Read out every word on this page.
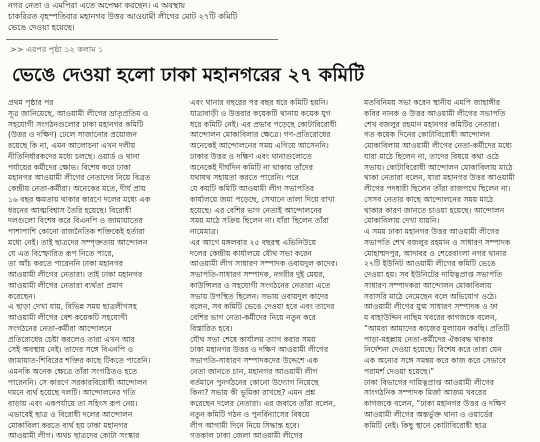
নগর নেতা ও এমপিরা এতে অপেক্ষা করছেন। এ অবস্থায়
চাকরিরত বৃহস্পতিবার মহানগর উত্তর আওয়ামী লীগের মোট ২৭টি কমিটি
ভেঙে দেওয়া হয়েছে।
>> এরপর পৃষ্ঠা ১২ কলাম ১
ভেঙে দেওয়া হলো ঢাকা মহানগরের ২৭ কমিটি
প্রথম পৃষ্ঠার পর
সূত্র জানিয়েছে, আওয়ামী লীগের ভ্রাতৃপ্রতিম ও
সহযোগী সংগঠনগুলোর ঢাকা মহানগর কমিটি
(উত্তর ও দক্ষিণ) ঢেলে সাজানোর প্রয়োজন
রয়েছে কি না, এমন আলোচনা এখন দলীয়
নীতিনির্ধারকদের মধ্যে চলছে। ওয়ার্ড ও থানা
পর্যায়ের কর্মীদের ক্ষোভ। বিশেষ করে ঢাকা
মহানগর আওয়ামী লীগের নেতাদের নিয়ে বিব্রত
কেন্দ্রীয় নেতা-কর্মীরা। অনেকের মতে, দীর্ঘ প্রায়
১৬ বছর ক্ষমতায় থাকার কারণে দলের মধ্যে এক
ধরনের আত্মবিশ্বাস তৈরি হয়েছে। বিরোধী
দলগুলো বিশেষ করে বিএনপি ও জামায়াতের
পাশাপাশি কোনো রাজনৈতিক শক্তিকেই হর্তারা
মধ্যে নেই। তাই ছাত্রদের সম্পৃক্ততায় আন্দোলন
যে এত বিস্ফোরিত রূপ নিতে পারে,
তা আঁচ করতে পারেননি ঢাকা মহানগর
আওয়ামী লীগের নেতারা। তাই ঢাকা মহানগর
আওয়ামী লীগের নেতারা ব্যর্থতা প্রমাণ
করেছেন।
এ ছাড়া দেখা যায়, বিভিন্ন সময় ছাত্রলীগসহ
আওয়ামী লীগের বেশ কয়েকটি সহযোগী
সংগঠনের নেতা-কর্মীরা আন্দোলনে
প্রতিরোধের চেষ্টা করলেও তারা এখন আর
সেই অবস্থায় নেই। তাদের সঙ্গে বিএনপি ও
জামায়াত-শিবিরের শক্তির কাছে টিকতে পারেনি।
এমনকি অনেক ক্ষেত্রে তাঁরা সংগঠিতও হতে
পারেননি। সে কারণে সরকারবিরোধী আন্দোলন
দমনে ব্যর্থ হয়েছে দলটি। আন্দোলনের গতি
বাড়ায় এবং একপর্যায়ে তা সহিংস রূপ নেয়।
এভাবেই ছাত্র ও বিরোধী দলের আন্দোলন
মোকাবিলা করতে ব্যর্থ হয় ঢাকা মহানগর
আওয়ামী লীগ। অথচ ছাত্রদের কোটা সংস্কার
এবং থানার বছরের পর বছর ধরে কমিটি হয়নি।
যাত্রাবাড়ী ও উত্তরার কয়েকটি থানায় কয়েক যুগ
ধরে কমিটি নেই। এর প্রভাব পড়েছে কোটাবিরোধী
আন্দোলন মোকাবিলার ক্ষেত্রে। গণ-প্রতিরোধের
অনেকেই আন্দোলনের সময় এগিয়ে আসেননি।
ঢাকার উত্তর ও দক্ষিণ এবং থানাগুলোতে
অনেকেই দীর্ঘদিন কমিটি না থাকায় তাঁদের
যথাযথ সহায়তা করতে পারেনি। পরে
যে কয়টি কমিটি আওয়ামী লীগ সভাপতির
কার্যালয়ে জমা পড়েছে, সেখানে তালা দিয়ে রাখা
হয়েছে। এর বেশির ভাগ নেতাই আন্দোলনের
সময় মাঠে সক্রিয় ছিলেন না। যাঁরা ছিলেন তাঁরা
নামেমাত্র।
এর আগে মঙ্গলবার ২৫ বছরস্থ এভিনিউয়ে
দলের কেন্দ্রীয় কার্যালয়ে যৌথ সভা করেন
আওয়ামী লীগ সাধারণ সম্পাদক ওবায়দুল কাদের।
সভাপতি-সাধারণ সম্পাদক, নগরীর দুই মেয়র,
কাউন্সিলর ও সহযোগী সংগঠনের নেতারা এতে
সভায় উপস্থিত ছিলেন। সভায় ওবায়দুল কাদের
বলেন, সব কমিটি ভেঙে দেওয়া হবে এবং তাদের
বেশির ভাগ নেতা-কর্মীদের নিয়ে নতুন করে
বিস্তারিত হবে।
যৌথ সভা শেষে কার্যালয় ত্যাগ করার সময়
ঢাকা মহানগর উত্তর ও দক্ষিণ আওয়ামী লীগের
সভাপতি-সাধারণ সম্পাদকদের উদ্দেশে এক
নেতা জানতে চান, মহানগর আওয়ামী লীগ
বর্তমানে পুনর্গঠনের কোনো উদ্যোগ নিয়েছে
কিনা? সভায় কী ভূমিকা রাখছে? এমন প্রশ্ন
করেছেন দলের নেতারা। এর জবাবে তাঁরা বলেন,
নতুন কমিটি গঠন ও পুনর্বিন্যাসের বিষয়ে
লীগ আগামী দিনে নিয়ে সিদ্ধান্ত হবে।
গতকাল ঢাকা জেলা আওয়ামী লীগের
মতবিনিময় সভা করেন স্থানীয় এমপি জাহাঙ্গীর
কবির নানক ও উত্তর আওয়ামী লীগের সভাপতি
শেখ বজলুর রহমান মহানগর কমিটির নেতারা।
গত কয়েক দিনের কোটাবিরোধী আন্দোলন
মোকাবিলায় আওয়ামী লীগের নেতা-কর্মীদের মধ্যে
যারা মাঠে ছিলেন না, তাদের বিষয়ে কথা ওঠে
সভায়। কোটাবিরোধী আন্দোলন মোকাবিলায় মাঠে
থাকা নেতারা বলেন, যারা মহানগর উত্তর আওয়ামী
লীগের পদধারী ছিলেন তাঁরা রাজপথে ছিলেন না।
সেসব নেতার কাছে আন্দোলনের সময় মাঠে
থাকার কারণ জানতে চাওয়া হয়েছে। আন্দোলন
মোকাবিলায় দেখা যায়নি।
এ সময় ঢাকা মহানগর উত্তর আওয়ামী লীগের
সভাপতি শেখ বজলুর রহমান ও সাধারণ সম্পাদক
মোহাম্মদপুর, আদাবর ও শেরেবাংলা নগর থানার
২৭টি ইউনিট আওয়ামী লীগের কমিটি ভেঙে
দেওয়া হয়। সব ইউনিটের দায়িত্বপ্রাপ্ত সভাপতি
সাধারণ সম্পাদকরা আন্দোলন মোকাবিলায়
সরাসরি মাঠে নেমেছেন বলে অভিযোগ ওঠে।
আওয়ামী লীগের যুগ্ম সাধারণ সম্পাদক ও ফা
ম বাহাউদ্দিন নাছিম খবরের কাগজকে বলেন,
“আমরা আমাদের কাজের মূল্যায়ন করছি। প্রতিটি
পাড়া-মহল্লায় নেতা-কর্মীদের ঐক্যবদ্ধ থাকার
নির্দেশনা দেওয়া হয়েছে। বিশেষ করে তারা যেন
এক অন্যের সঙ্গে সমন্বয় করে কাজ করে সেভাবে
পরামর্শ দেওয়া হয়েছে।”
ঢাকা বিভাগের দায়িত্বপ্রাপ্ত আওয়ামী লীগের
সাংগঠনিক সম্পাদক মির্জা আজম খবরের
কাগজকে বলেন, “ঢাকা মহানগর উত্তর ও দক্ষিণ
আওয়ামী লীগের অন্তর্ভুক্ত থানা ও ওয়ার্ডের
কমিটি নেই। কিছু স্থানে কোটাবিরোধী ছাত্র
